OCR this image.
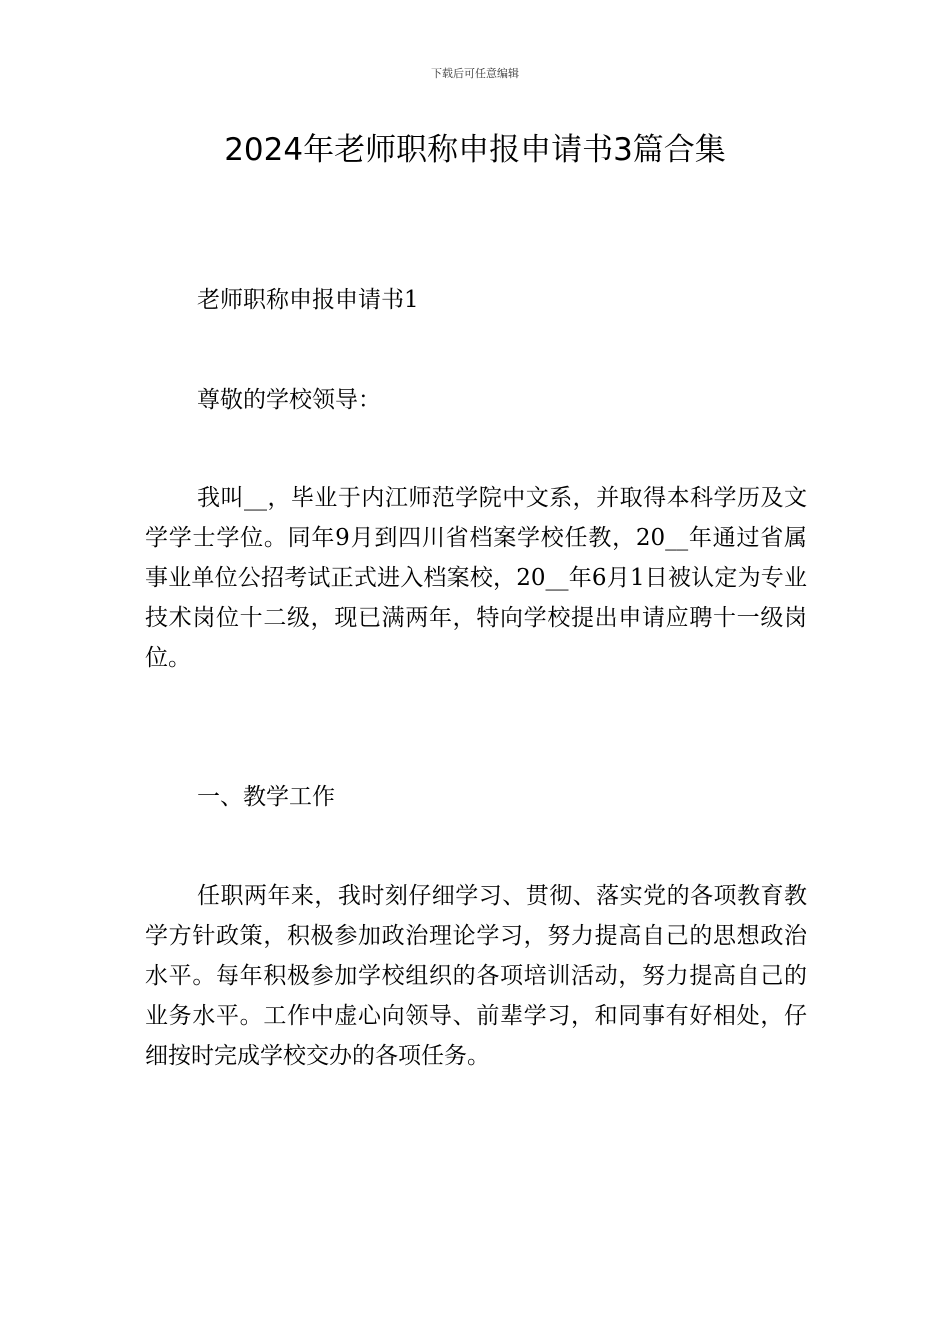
下载后可任意编辑
2024年老师职称申报申请书3篇合集

老师职称申报申请书1

尊敬的学校领导：

我叫__，毕业于内江师范学院中文系，并取得本科学历及文学学士学位。同年9月到四川省档案学校任教，20__年通过省属事业单位公招考试正式进入档案校，20__年6月1日被认定为专业技术岗位十二级，现已满两年，特向学校提出申请应聘十一级岗位。

一、教学工作

任职两年来，我时刻仔细学习、贯彻、落实党的各项教育教学方针政策，积极参加政治理论学习，努力提高自己的思想政治水平。每年积极参加学校组织的各项培训活动，努力提高自己的业务水平。工作中虚心向领导、前辈学习，和同事有好相处，仔细按时完成学校交办的各项任务。
